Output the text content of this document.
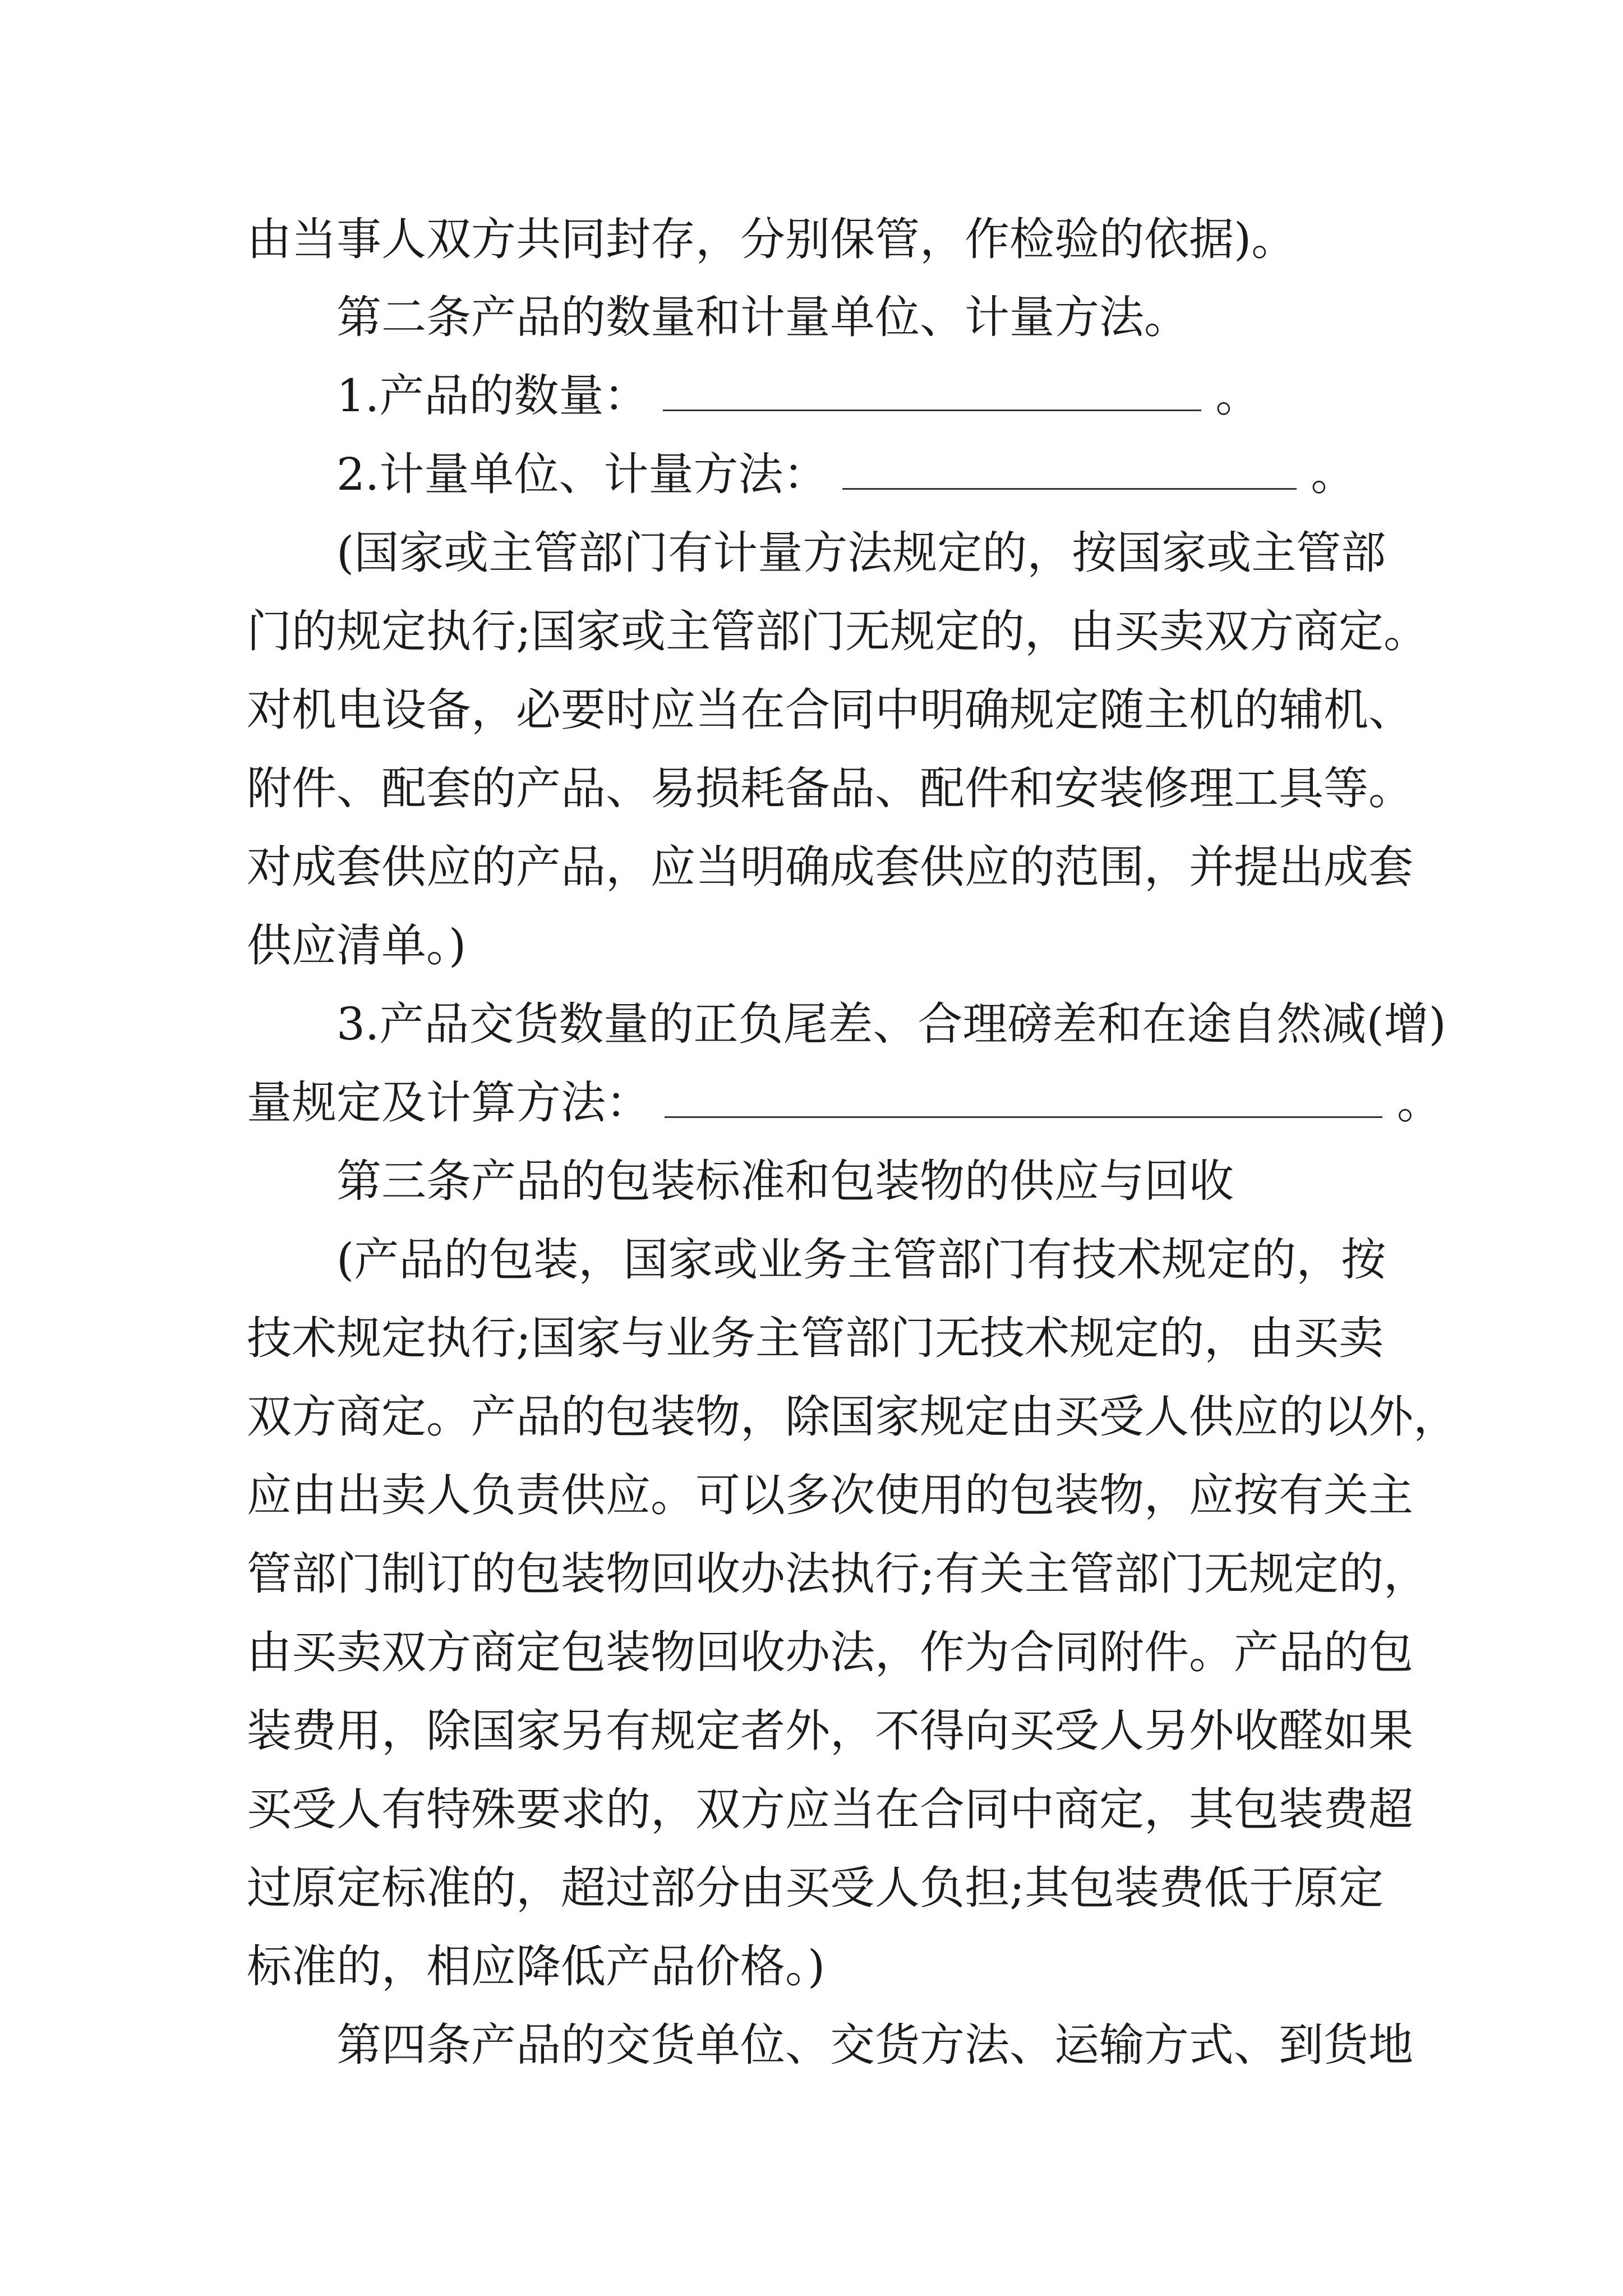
由当事人双方共同封存，分别保管，作检验的依据)。
第二条产品的数量和计量单位、计量方法。
1.产品的数量：	。
2.计量单位、计量方法：	。
(国家或主管部门有计量方法规定的，按国家或主管部
门的规定执行;国家或主管部门无规定的，由买卖双方商定。
对机电设备，必要时应当在合同中明确规定随主机的辅机、
附件、配套的产品、易损耗备品、配件和安装修理工具等。
对成套供应的产品，应当明确成套供应的范围，并提出成套
供应清单。)
3.产品交货数量的正负尾差、合理磅差和在途自然减(增)
量规定及计算方法：	。
第三条产品的包装标准和包装物的供应与回收
(产品的包装，国家或业务主管部门有技术规定的，按
技术规定执行;国家与业务主管部门无技术规定的，由买卖
双方商定。产品的包装物，除国家规定由买受人供应的以外，
应由出卖人负责供应。可以多次使用的包装物，应按有关主
管部门制订的包装物回收办法执行;有关主管部门无规定的，
由买卖双方商定包装物回收办法，作为合同附件。产品的包
装费用，除国家另有规定者外，不得向买受人另外收醛如果
买受人有特殊要求的，双方应当在合同中商定，其包装费超
过原定标准的，超过部分由买受人负担;其包装费低于原定
标准的，相应降低产品价格。)
第四条产品的交货单位、交货方法、运输方式、到货地
